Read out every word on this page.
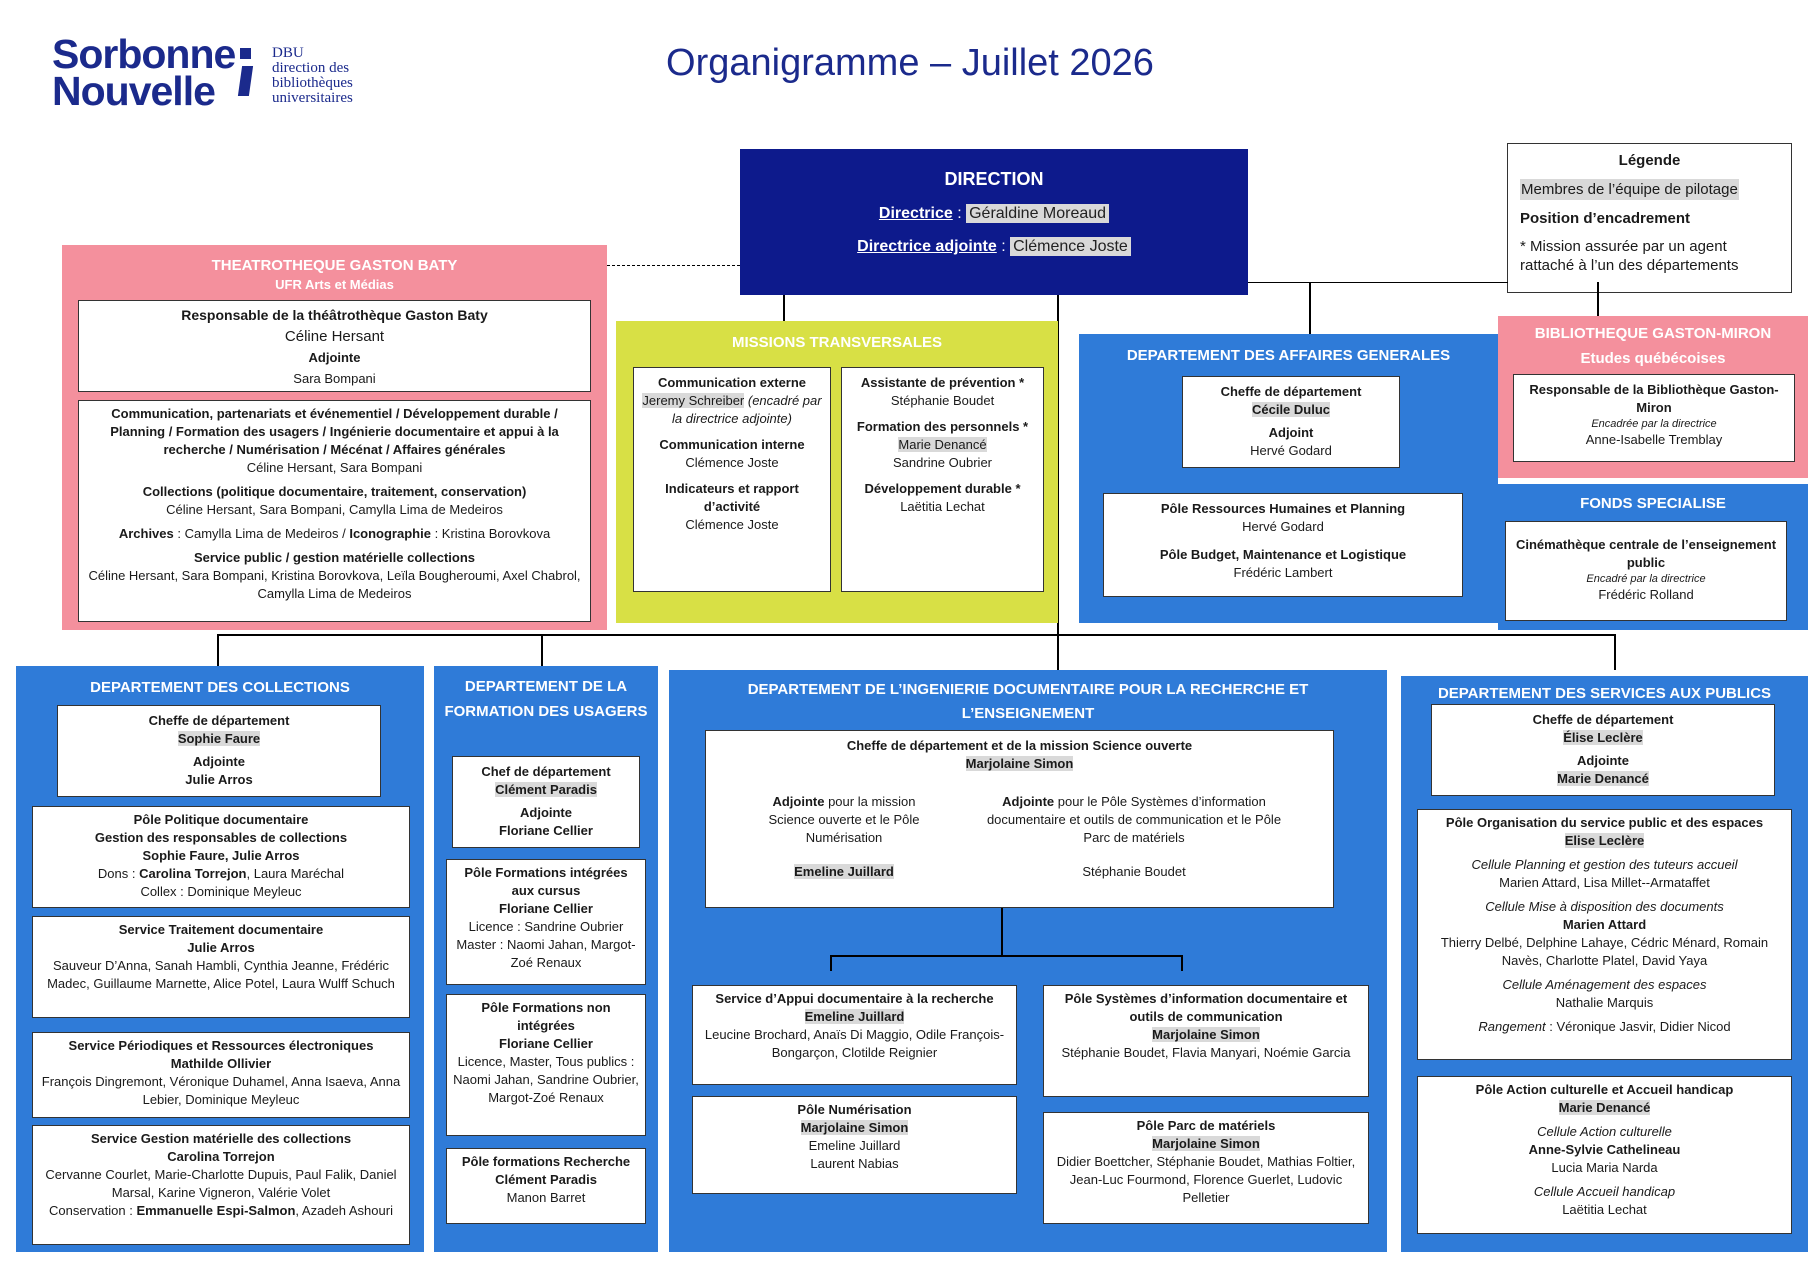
Sorbonne
Nouvelle
DBU
direction des
bibliothèques
universitaires
Organigramme – Juillet 2026
Légende

Membres de l’équipe de pilotage

Position d’encadrement

* Mission assurée par un agent rattaché à l’un des départements

DIRECTION
Directrice : Géraldine Moreaud
Directrice adjointe : Clémence Joste
THEATROTHEQUE GASTON BATY
UFR Arts et Médias
Responsable de la théâtrothèque Gaston Baty
Céline Hersant
Adjointe
Sara Bompani
Communication, partenariats et événementiel / Développement durable / Planning / Formation des usagers / Ingénierie documentaire et appui à la recherche / Numérisation / Mécénat / Affaires générales
Céline Hersant, Sara Bompani
Collections (politique documentaire, traitement, conservation)
Céline Hersant, Sara Bompani, Camylla Lima de Medeiros
Archives : Camylla Lima de Medeiros / Iconographie : Kristina Borovkova
Service public / gestion matérielle collections
Céline Hersant, Sara Bompani, Kristina Borovkova, Leïla Bougheroumi, Axel Chabrol, Camylla Lima de Medeiros
MISSIONS TRANSVERSALES
Communication externe
Jeremy Schreiber (encadré par la directrice adjointe)
Communication interne
Clémence Joste
Indicateurs et rapport d’activité
Clémence Joste
Assistante de prévention *
Stéphanie Boudet
Formation des personnels *
Marie Denancé
Sandrine Oubrier
Développement durable *
Laëtitia Lechat
DEPARTEMENT DES AFFAIRES GENERALES
Cheffe de département
Cécile Duluc
Adjoint
Hervé Godard
Pôle Ressources Humaines et Planning
Hervé Godard
Pôle Budget, Maintenance et Logistique
Frédéric Lambert
BIBLIOTHEQUE GASTON-MIRON
Etudes québécoises
Responsable de la Bibliothèque Gaston-Miron
Encadrée par la directrice
Anne-Isabelle Tremblay
FONDS SPECIALISE
Cinémathèque centrale de l’enseignement public
Encadré par la directrice
Frédéric Rolland
DEPARTEMENT DES COLLECTIONS
Cheffe de département
Sophie Faure
Adjointe
Julie Arros
Pôle Politique documentaire
Gestion des responsables de collections
Sophie Faure, Julie Arros
Dons : Carolina Torrejon, Laura Maréchal
Collex : Dominique Meyleuc
Service Traitement documentaire
Julie Arros
Sauveur D’Anna, Sanah Hambli, Cynthia Jeanne, Frédéric Madec, Guillaume Marnette, Alice Potel, Laura Wulff Schuch
Service Périodiques et Ressources électroniques
Mathilde Ollivier
François Dingremont, Véronique Duhamel, Anna Isaeva, Anna Lebier, Dominique Meyleuc
Service Gestion matérielle des collections
Carolina Torrejon
Cervanne Courlet, Marie-Charlotte Dupuis, Paul Falik, Daniel Marsal, Karine Vigneron, Valérie Volet
Conservation : Emmanuelle Espi-Salmon, Azadeh Ashouri
DEPARTEMENT DE LA FORMATION DES USAGERS
Chef de département
Clément Paradis
Adjointe
Floriane Cellier
Pôle Formations intégrées aux cursus
Floriane Cellier
Licence : Sandrine Oubrier
Master : Naomi Jahan, Margot-Zoé Renaux
Pôle Formations non intégrées
Floriane Cellier
Licence, Master, Tous publics : Naomi Jahan, Sandrine Oubrier, Margot-Zoé Renaux
Pôle formations Recherche
Clément Paradis
Manon Barret
DEPARTEMENT DE L’INGENIERIE DOCUMENTAIRE POUR LA RECHERCHE ET L’ENSEIGNEMENT
Cheffe de département et de la mission Science ouverte
Marjolaine Simon
Adjointe pour la mission Science ouverte et le Pôle Numérisation
Emeline Juillard
Adjointe pour le Pôle Systèmes d’information documentaire et outils de communication et le Pôle Parc de matériels
Stéphanie Boudet
Service d’Appui documentaire à la recherche
Emeline Juillard
Leucine Brochard, Anaïs Di Maggio, Odile François-Bongarçon, Clotilde Reignier
Pôle Systèmes d’information documentaire et outils de communication
Marjolaine Simon
Stéphanie Boudet, Flavia Manyari, Noémie Garcia
Pôle Numérisation
Marjolaine Simon
Emeline Juillard
Laurent Nabias
Pôle Parc de matériels
Marjolaine Simon
Didier Boettcher, Stéphanie Boudet, Mathias Foltier, Jean-Luc Fourmond, Florence Guerlet, Ludovic Pelletier
DEPARTEMENT DES SERVICES AUX PUBLICS
Cheffe de département
Élise Leclère
Adjointe
Marie Denancé
Pôle Organisation du service public et des espaces
Elise Leclère
Cellule Planning et gestion des tuteurs accueil
Marien Attard, Lisa Millet--Armataffet
Cellule Mise à disposition des documents
Marien Attard
Thierry Delbé, Delphine Lahaye, Cédric Ménard, Romain Navès, Charlotte Platel, David Yaya
Cellule Aménagement des espaces
Nathalie Marquis
Rangement : Véronique Jasvir, Didier Nicod
Pôle Action culturelle et Accueil handicap
Marie Denancé
Cellule Action culturelle
Anne-Sylvie Cathelineau
Lucia Maria Narda
Cellule Accueil handicap
Laëtitia Lechat
